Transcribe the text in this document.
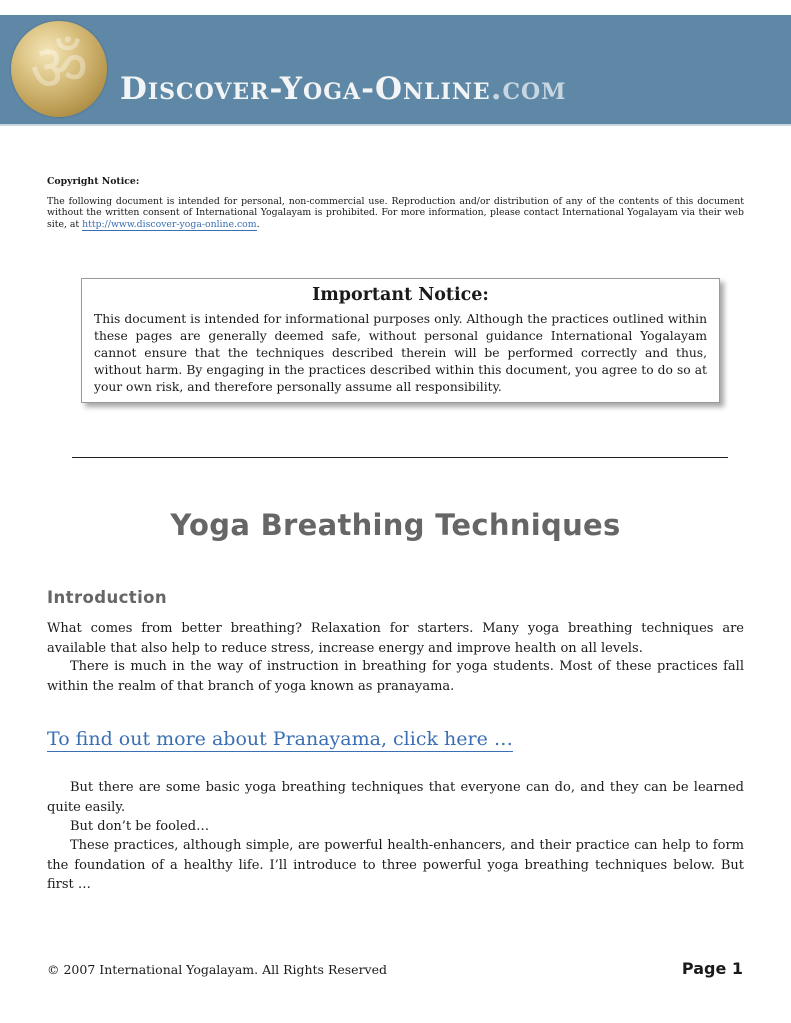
ॐ	Discover-Yoga-Online.com
Copyright Notice:
The following document is intended for personal, non-commercial use. Reproduction and/or distribution of any of the contents of this document without the written consent of International Yogalayam is prohibited. For more information, please contact International Yogalayam via their web site, at http://www.discover-yoga-online.com.
Important Notice:

This document is intended for informational purposes only. Although the practices outlined within these pages are generally deemed safe, without personal guidance International Yogalayam cannot ensure that the techniques described therein will be performed correctly and thus, without harm. By engaging in the practices described within this document, you agree to do so at your own risk, and therefore personally assume all responsibility.

Yoga Breathing Techniques
Introduction

What comes from better breathing? Relaxation for starters. Many yoga breathing techniques are available that also help to reduce stress, increase energy and improve health on all levels.

There is much in the way of instruction in breathing for yoga students. Most of these practices fall within the realm of that branch of yoga known as pranayama.

To find out more about Pranayama, click here …

But there are some basic yoga breathing techniques that everyone can do, and they can be learned quite easily.

But don’t be fooled…

These practices, although simple, are powerful health-enhancers, and their practice can help to form the foundation of a healthy life. I’ll introduce to three powerful yoga breathing techniques below. But first …

© 2007 International Yogalayam. All Rights Reserved	Page 1
